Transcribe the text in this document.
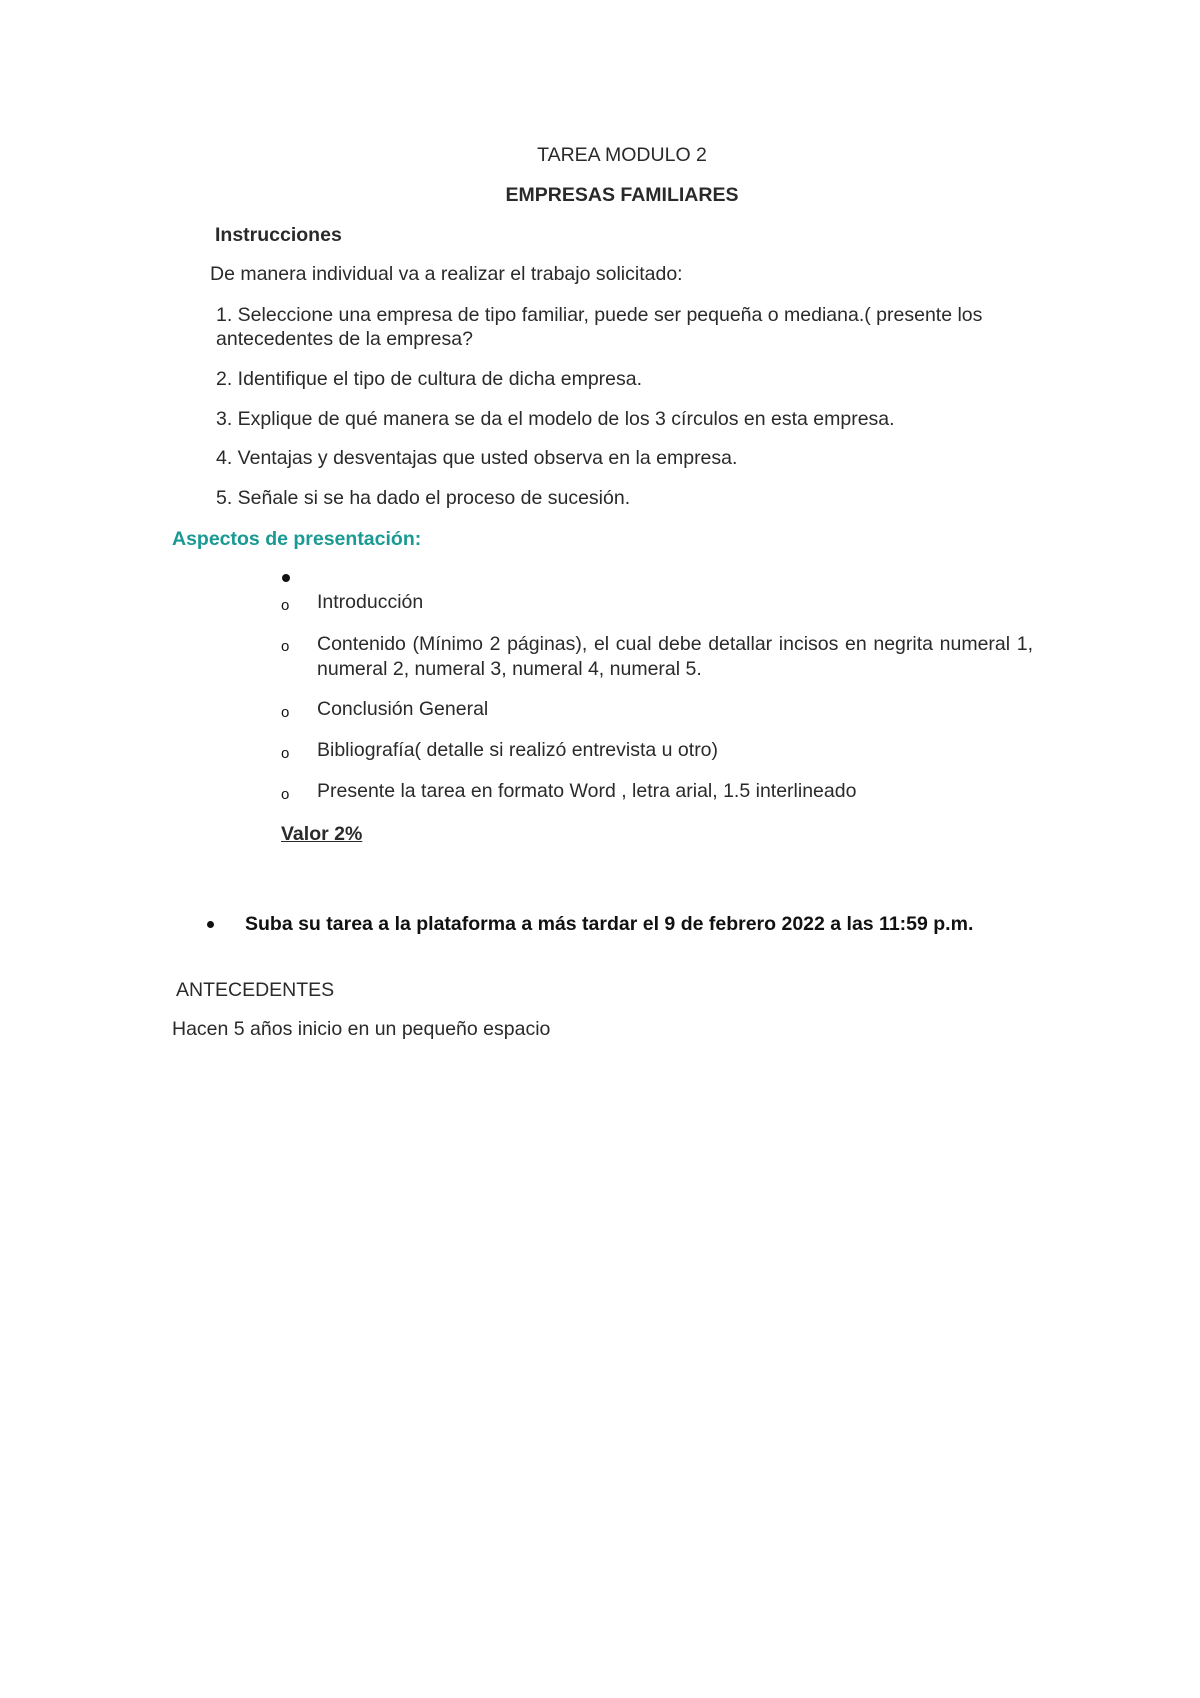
TAREA MODULO 2
EMPRESAS FAMILIARES
Instrucciones
De manera individual va a realizar el trabajo solicitado:
1. Seleccione una empresa de tipo familiar, puede ser pequeña o mediana.( presente los antecedentes de la empresa?
2. Identifique el tipo de cultura de dicha empresa.
3. Explique de qué manera se da el modelo de los 3 círculos en esta empresa.
4. Ventajas y desventajas que usted observa en la empresa.
5. Señale si se ha dado el proceso de sucesión.
Aspectos de presentación:
o Introducción
o Contenido (Mínimo 2 páginas), el cual debe detallar incisos en negrita numeral 1, numeral 2, numeral 3, numeral 4, numeral 5.
o Conclusión General
o Bibliografía( detalle si realizó entrevista u otro)
o Presente la tarea en formato Word , letra arial, 1.5 interlineado
Valor 2%
Suba su tarea a la plataforma a más tardar el 9 de febrero 2022 a las 11:59 p.m.
ANTECEDENTES
Hacen 5 años inicio en un pequeño espacio
